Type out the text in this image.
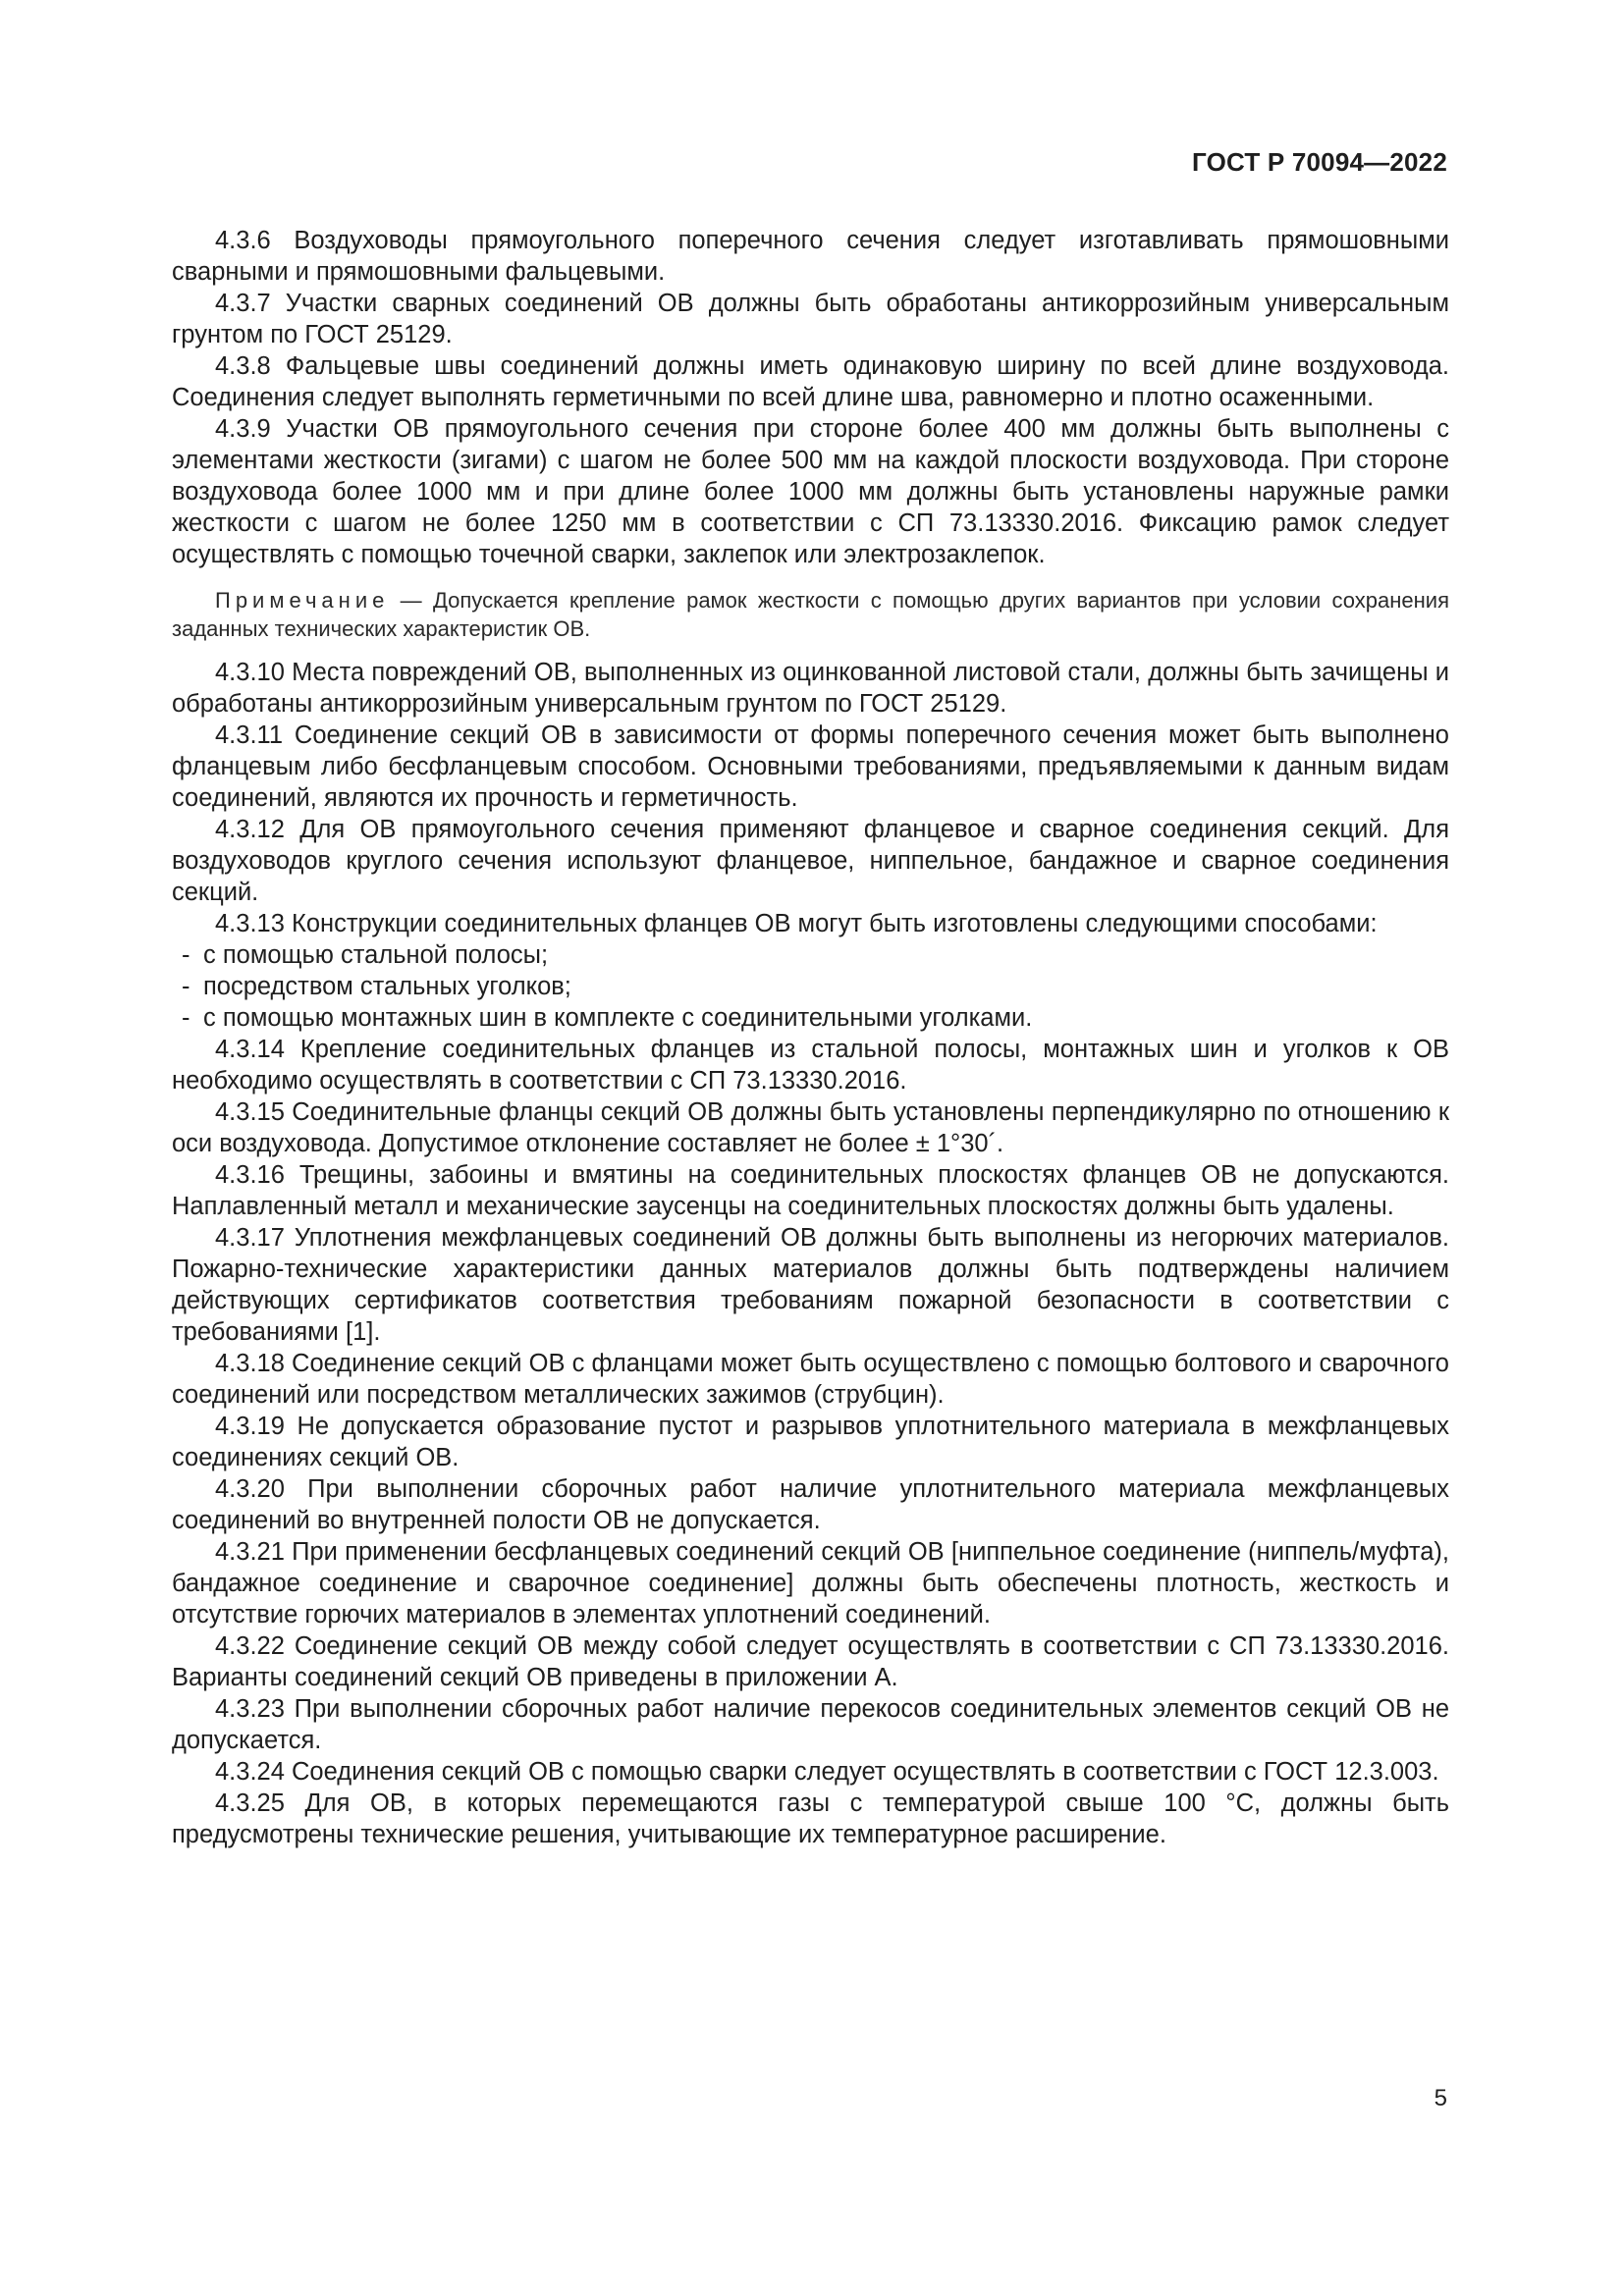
ГОСТ Р 70094—2022

4.3.6 Воздуховоды прямоугольного поперечного сечения следует изготавливать прямошовными сварными и прямошовными фальцевыми.

4.3.7 Участки сварных соединений ОВ должны быть обработаны антикоррозийным универсальным грунтом по ГОСТ 25129.

4.3.8 Фальцевые швы соединений должны иметь одинаковую ширину по всей длине воздуховода. Соединения следует выполнять герметичными по всей длине шва, равномерно и плотно осаженными.

4.3.9 Участки ОВ прямоугольного сечения при стороне более 400 мм должны быть выполнены с элементами жесткости (зигами) с шагом не более 500 мм на каждой плоскости воздуховода. При стороне воздуховода более 1000 мм и при длине более 1000 мм должны быть установлены наружные рамки жесткости с шагом не более 1250 мм в соответствии с СП 73.13330.2016. Фиксацию рамок следует осуществлять с помощью точечной сварки, заклепок или электрозаклепок.

Примечание — Допускается крепление рамок жесткости с помощью других вариантов при условии сохранения заданных технических характеристик ОВ.

4.3.10 Места повреждений ОВ, выполненных из оцинкованной листовой стали, должны быть зачищены и обработаны антикоррозийным универсальным грунтом по ГОСТ 25129.

4.3.11 Соединение секций ОВ в зависимости от формы поперечного сечения может быть выполнено фланцевым либо бесфланцевым способом. Основными требованиями, предъявляемыми к данным видам соединений, являются их прочность и герметичность.

4.3.12 Для ОВ прямоугольного сечения применяют фланцевое и сварное соединения секций. Для воздуховодов круглого сечения используют фланцевое, ниппельное, бандажное и сварное соединения секций.

4.3.13 Конструкции соединительных фланцев ОВ могут быть изготовлены следующими способами:

- с помощью стальной полосы;

- посредством стальных уголков;

- с помощью монтажных шин в комплекте с соединительными уголками.

4.3.14 Крепление соединительных фланцев из стальной полосы, монтажных шин и уголков к ОВ необходимо осуществлять в соответствии с СП 73.13330.2016.

4.3.15 Соединительные фланцы секций ОВ должны быть установлены перпендикулярно по отношению к оси воздуховода. Допустимое отклонение составляет не более ± 1°30´.

4.3.16 Трещины, забоины и вмятины на соединительных плоскостях фланцев ОВ не допускаются. Наплавленный металл и механические заусенцы на соединительных плоскостях должны быть удалены.

4.3.17 Уплотнения межфланцевых соединений ОВ должны быть выполнены из негорючих материалов. Пожарно-технические характеристики данных материалов должны быть подтверждены наличием действующих сертификатов соответствия требованиям пожарной безопасности в соответствии с требованиями [1].

4.3.18 Соединение секций ОВ с фланцами может быть осуществлено с помощью болтового и сварочного соединений или посредством металлических зажимов (струбцин).

4.3.19 Не допускается образование пустот и разрывов уплотнительного материала в межфланцевых соединениях секций ОВ.

4.3.20 При выполнении сборочных работ наличие уплотнительного материала межфланцевых соединений во внутренней полости ОВ не допускается.

4.3.21 При применении бесфланцевых соединений секций ОВ [ниппельное соединение (ниппель/муфта), бандажное соединение и сварочное соединение] должны быть обеспечены плотность, жесткость и отсутствие горючих материалов в элементах уплотнений соединений.

4.3.22 Соединение секций ОВ между собой следует осуществлять в соответствии с СП 73.13330.2016. Варианты соединений секций ОВ приведены в приложении А.

4.3.23 При выполнении сборочных работ наличие перекосов соединительных элементов секций ОВ не допускается.

4.3.24 Соединения секций ОВ с помощью сварки следует осуществлять в соответствии с ГОСТ 12.3.003.

4.3.25 Для ОВ, в которых перемещаются газы с температурой свыше 100 °С, должны быть предусмотрены технические решения, учитывающие их температурное расширение.

5
